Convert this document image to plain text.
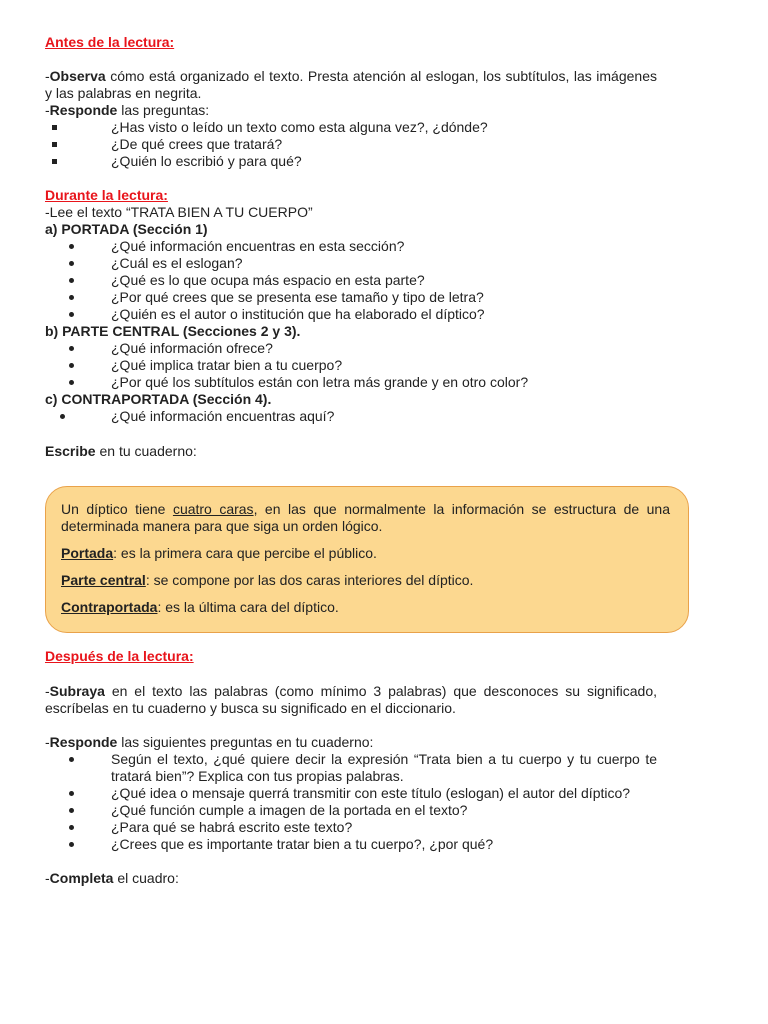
Antes de la lectura:

-Observa cómo está organizado el texto. Presta atención al eslogan, los subtítulos, las imágenes y las palabras en negrita.

-Responde las preguntas:

¿Has visto o leído un texto como esta alguna vez?, ¿dónde?
¿De qué crees que tratará?
¿Quién lo escribió y para qué?

Durante la lectura:

-Lee el texto “TRATA BIEN A TU CUERPO”

a) PORTADA (Sección 1)

¿Qué información encuentras en esta sección?
¿Cuál es el eslogan?
¿Qué es lo que ocupa más espacio en esta parte?
¿Por qué crees que se presenta ese tamaño y tipo de letra?
¿Quién es el autor o institución que ha elaborado el díptico?

b) PARTE CENTRAL (Secciones 2 y 3).

¿Qué información ofrece?
¿Qué implica tratar bien a tu cuerpo?
¿Por qué los subtítulos están con letra más grande y en otro color?

c) CONTRAPORTADA (Sección 4).

¿Qué información encuentras aquí?

Escribe en tu cuaderno:

Un díptico tiene cuatro caras, en las que normalmente la información se estructura de una determinada manera para que siga un orden lógico.

Portada: es la primera cara que percibe el público.

Parte central: se compone por las dos caras interiores del díptico.

Contraportada: es la última cara del díptico.

Después de la lectura:

-Subraya en el texto las palabras (como mínimo 3 palabras) que desconoces su significado, escríbelas en tu cuaderno y busca su significado en el diccionario.

-Responde las siguientes preguntas en tu cuaderno:

Según el texto, ¿qué quiere decir la expresión “Trata bien a tu cuerpo y tu cuerpo te tratará bien”? Explica con tus propias palabras.
¿Qué idea o mensaje querrá transmitir con este título (eslogan) el autor del díptico?
¿Qué función cumple a imagen de la portada en el texto?
¿Para qué se habrá escrito este texto?
¿Crees que es importante tratar bien a tu cuerpo?, ¿por qué?

-Completa el cuadro:
